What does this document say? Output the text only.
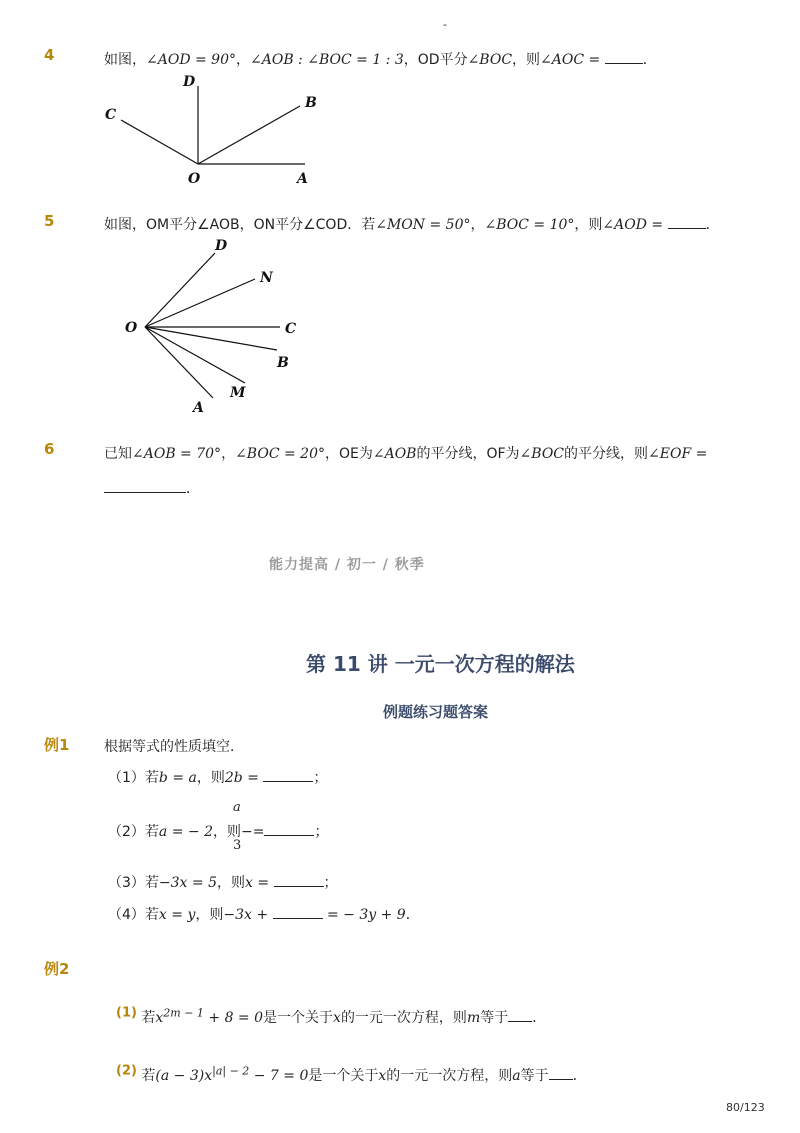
-
4	如图，∠AOD = 90°，∠AOB : ∠BOC = 1 : 3，OD平分∠BOC，则∠AOC =	．
D
C
B
O	A
5	如图，OM平分∠AOB，ON平分∠COD．若∠MON = 50°，∠BOC = 10°，则∠AOD =	．
D
N
O	C
B
M
A
6	已知∠AOB = 70°，∠BOC = 20°，OE为∠AOB的平分线，OF为∠BOC的平分线，则∠EOF =
．
能力提高 / 初一 / 秋季
第 11 讲 一元一次方程的解法
例题练习题答案
例1 根据等式的性质填空．
（1）若b = a，则2b =	；
a
（2）若a = − 2，则−=	；
3
（3）若−3x = 5，则x =	；
（4）若x = y，则−3x +	= − 3y + 9．
例2
(1) 若$x^{2m - 1} + 8 = 0$是一个关于x的一元一次方程，则m等于 ．
(2) 若$(a - 3)x^{|a| - 2} - 7 = 0$是一个关于x的一元一次方程，则a等于 ．
80/123
